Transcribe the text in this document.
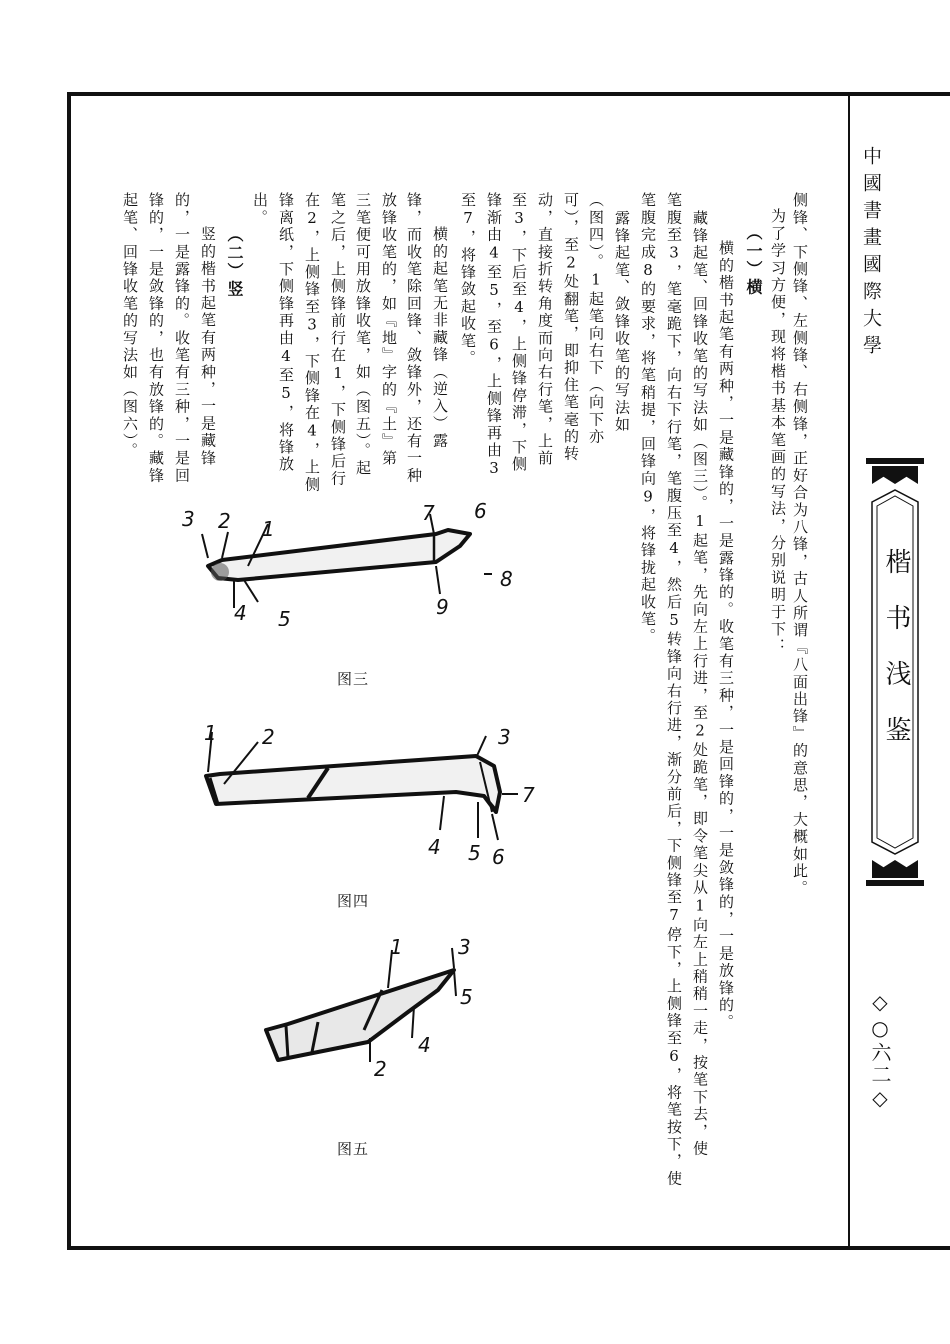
中國書畫國際大學
楷书浅鉴
◇○六二◇
侧锋、下侧锋、左侧锋、右侧锋，正好合为八锋，古人所谓『八面出锋』的意思，大概如此。
为了学习方便，现将楷书基本笔画的写法，分别说明于下：
（一）横
横的楷书起笔有两种，一是藏锋的，一是露锋的。收笔有三种，一是回锋的，一是敛锋的，一是放锋的。
藏锋起笔、回锋收笔的写法如（图三）。1起笔，先向左上行进，至2处跪笔，即令笔尖从1向左上稍稍一走，按笔下去，使
笔腹至3，笔毫跪下，向右下行笔，笔腹压至4，然后5转锋向右行进，渐分前后，下侧锋至7停下，上侧锋至6，将笔按下，使
笔腹完成8的要求，将笔稍提，回锋向9，将锋拢起收笔。
露锋起笔、敛锋收笔的写法如
（图四）。1起笔向右下（向下亦
可），至2处翻笔，即抑住笔毫的转
动，直接折转角度而向右行笔，上前
至3，下后至4，上侧锋停滞，下侧
锋渐由4至5，至6，上侧锋再由3
至7，将锋敛起收笔。
横的起笔无非藏锋（逆入）露
锋，而收笔除回锋、敛锋外，还有一种
放锋收笔的，如『地』字的『土』第
三笔便可用放锋收笔，如（图五）。起
笔之后，上侧锋前行在1，下侧锋后行
在2，上侧锋至3，下侧锋在4，上侧
锋离纸，下侧锋再由4至5，将锋放
出。
（二）竖
竖的楷书起笔有两种，一是藏锋
的，一是露锋的。收笔有三种，一是回
锋的，一是敛锋的，也有放锋的。藏锋
起笔、回锋收笔的写法如（图六）。
3 2 1
4 5
7 6
8
9
图三
1 2	3
7
4 5 6
图四
1	3
5
4
2
图五
